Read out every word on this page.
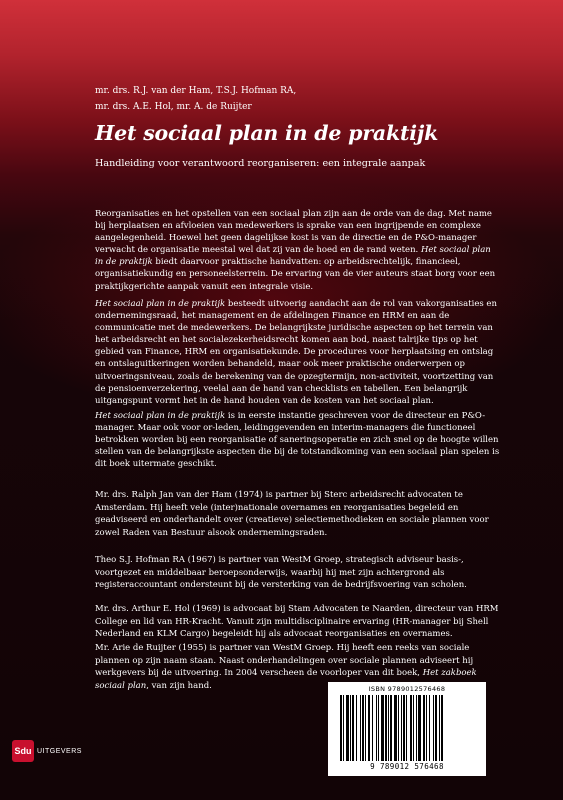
mr. drs. R.J. van der Ham, T.S.J. Hofman RA,
mr. drs. A.E. Hol, mr. A. de Ruijter
Het sociaal plan in de praktijk

Handleiding voor verantwoord reorganiseren: een integrale aanpak

Reorganisaties en het opstellen van een sociaal plan zijn aan de orde van de dag. Met name bij herplaatsen en afvloeien van medewerkers is sprake van een ingrijpende en complexe aangelegenheid. Hoewel het geen dagelijkse kost is van de directie en de P&O-manager verwacht de organisatie meestal wel dat zij van de hoed en de rand weten. Het sociaal plan in de praktijk biedt daarvoor praktische handvatten: op arbeidsrechtelijk, financieel, organisatiekundig en personeelsterrein. De ervaring van de vier auteurs staat borg voor een praktijkgerichte aanpak vanuit een integrale visie.

Het sociaal plan in de praktijk besteedt uitvoerig aandacht aan de rol van vakorganisaties en ondernemingsraad, het management en de afdelingen Finance en HRM en aan de communicatie met de medewerkers. De belangrijkste juridische aspecten op het terrein van het arbeidsrecht en het socialezekerheidsrecht komen aan bod, naast talrijke tips op het gebied van Finance, HRM en organisatiekunde. De procedures voor herplaatsing en ontslag en ontslaguitkeringen worden behandeld, maar ook meer praktische onderwerpen op uitvoeringsniveau, zoals de berekening van de opzegtermijn, non-activiteit, voortzetting van de pensioenverzekering, veelal aan de hand van checklists en tabellen. Een belangrijk uitgangspunt vormt het in de hand houden van de kosten van het sociaal plan.

Het sociaal plan in de praktijk is in eerste instantie geschreven voor de directeur en P&O-manager. Maar ook voor or-leden, leidinggevenden en interim-managers die functioneel betrokken worden bij een reorganisatie of saneringsoperatie en zich snel op de hoogte willen stellen van de belangrijkste aspecten die bij de totstandkoming van een sociaal plan spelen is dit boek uitermate geschikt.

Mr. drs. Ralph Jan van der Ham (1974) is partner bij Sterc arbeidsrecht advocaten te Amsterdam. Hij heeft vele (inter)nationale overnames en reorganisaties begeleid en geadviseerd en onderhandelt over (creatieve) selectiemethodieken en sociale plannen voor zowel Raden van Bestuur alsook ondernemingsraden.

Theo S.J. Hofman RA (1967) is partner van WestM Groep, strategisch adviseur basis-, voortgezet en middelbaar beroepsonderwijs, waarbij hij met zijn achtergrond als registeraccountant ondersteunt bij de versterking van de bedrijfsvoering van scholen.

Mr. drs. Arthur E. Hol (1969) is advocaat bij Stam Advocaten te Naarden, directeur van HRM College en lid van HR-Kracht. Vanuit zijn multidisciplinaire ervaring (HR-manager bij Shell Nederland en KLM Cargo) begeleidt hij als advocaat reorganisaties en overnames.

Mr. Arie de Ruijter (1955) is partner van WestM Groep. Hij heeft een reeks van sociale plannen op zijn naam staan. Naast onderhandelingen over sociale plannen adviseert hij werkgevers bij de uitvoering. In 2004 verscheen de voorloper van dit boek, Het zakboek sociaal plan, van zijn hand.	ISBN 9789012576468
9 789012 576468
Sdu UITGEVERS
